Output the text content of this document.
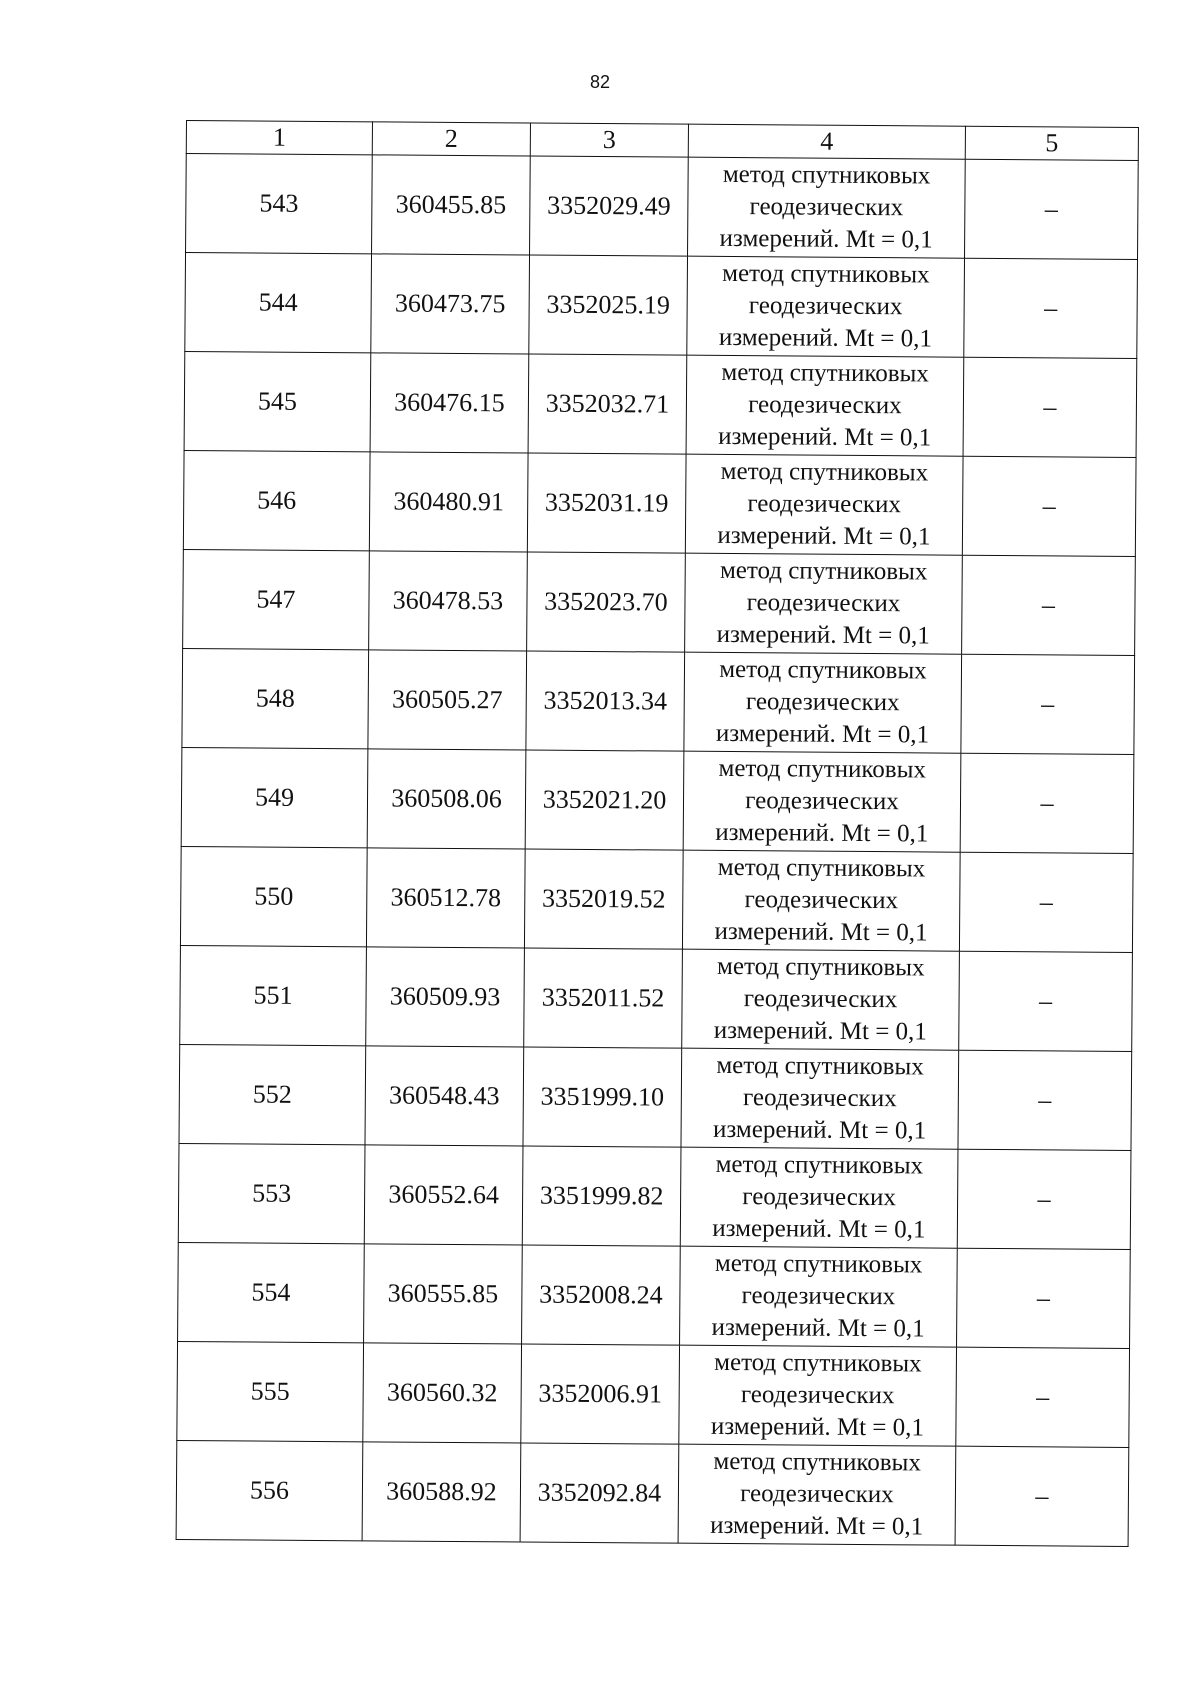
82
1	2	3	4	5
543	360455.85	3352029.49	метод спутниковых
геодезических
измерений. Mt = 0,1	–
544	360473.75	3352025.19	метод спутниковых
геодезических
измерений. Mt = 0,1	–
545	360476.15	3352032.71	метод спутниковых
геодезических
измерений. Mt = 0,1	–
546	360480.91	3352031.19	метод спутниковых
геодезических
измерений. Mt = 0,1	–
547	360478.53	3352023.70	метод спутниковых
геодезических
измерений. Mt = 0,1	–
548	360505.27	3352013.34	метод спутниковых
геодезических
измерений. Mt = 0,1	–
549	360508.06	3352021.20	метод спутниковых
геодезических
измерений. Mt = 0,1	–
550	360512.78	3352019.52	метод спутниковых
геодезических
измерений. Mt = 0,1	–
551	360509.93	3352011.52	метод спутниковых
геодезических
измерений. Mt = 0,1	–
552	360548.43	3351999.10	метод спутниковых
геодезических
измерений. Mt = 0,1	–
553	360552.64	3351999.82	метод спутниковых
геодезических
измерений. Mt = 0,1	–
554	360555.85	3352008.24	метод спутниковых
геодезических
измерений. Mt = 0,1	–
555	360560.32	3352006.91	метод спутниковых
геодезических
измерений. Mt = 0,1	–
556	360588.92	3352092.84	метод спутниковых
геодезических
измерений. Mt = 0,1	–
